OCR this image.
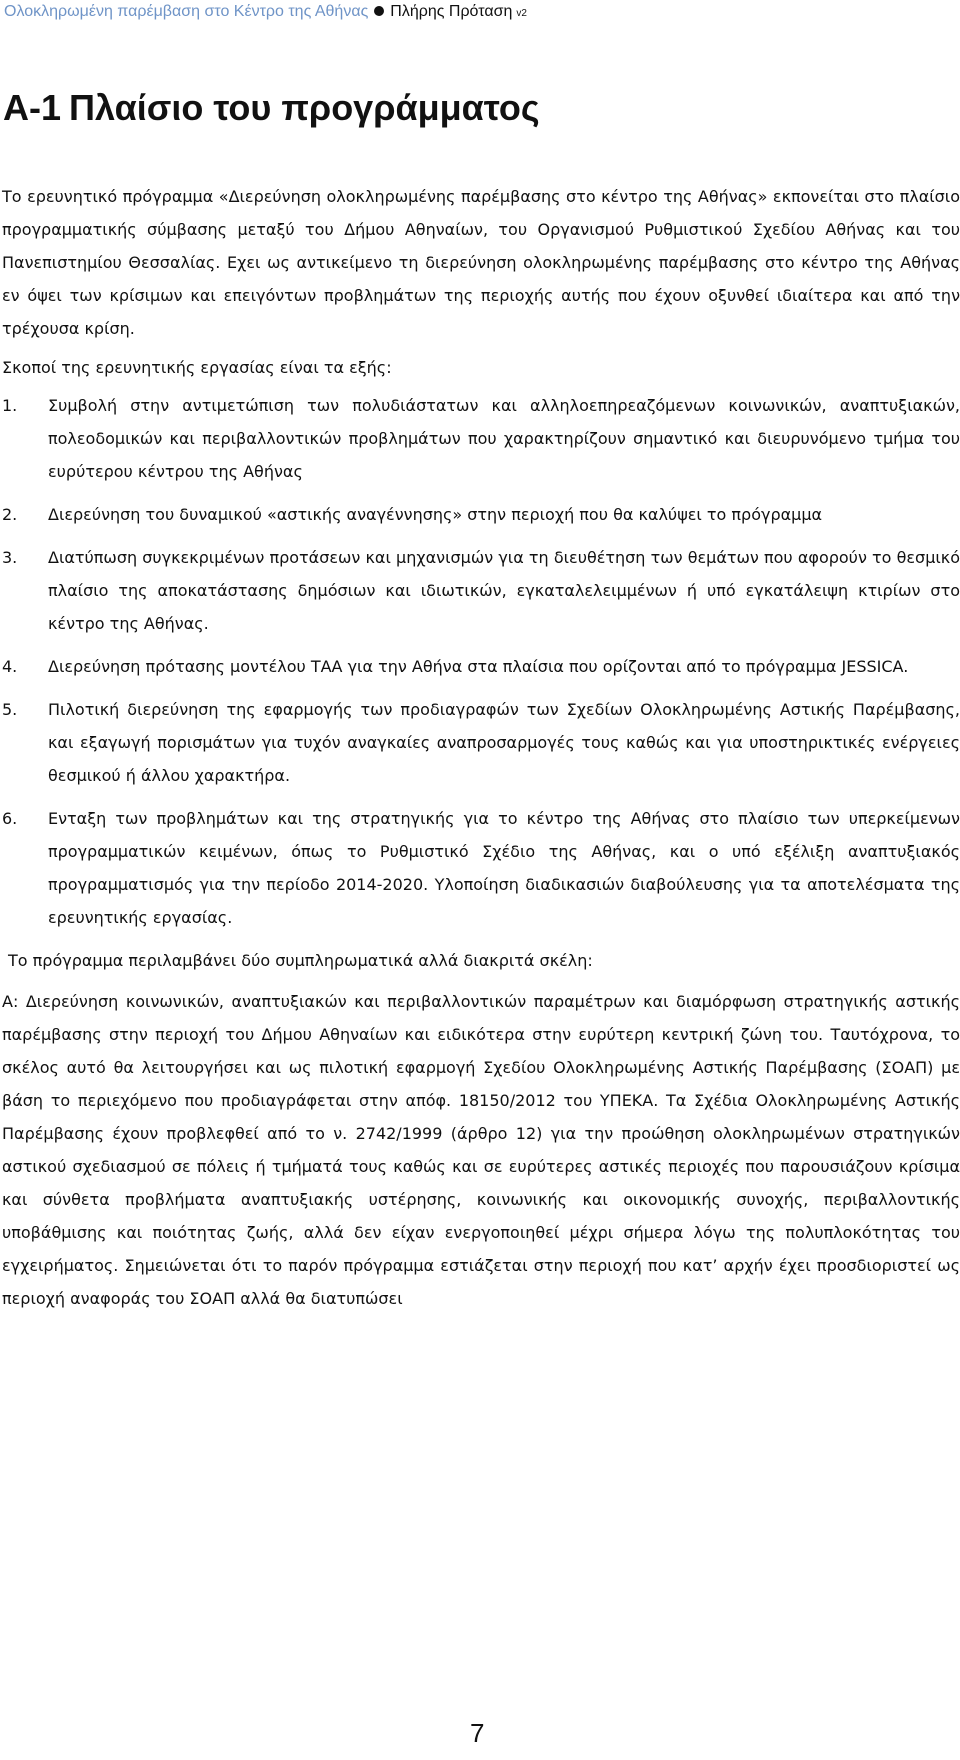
Ολοκληρωμένη παρέμβαση στο Κέντρο της Αθήνας Πλήρης Πρόταση v2
A-1 Πλαίσιο του προγράμματος

Το ερευνητικό πρόγραμμα «Διερεύνηση ολοκληρωμένης παρέμβασης στο κέντρο της Αθήνας» εκπονείται στο πλαίσιο προγραμματικής σύμβασης μεταξύ του Δήμου Αθηναίων, του Οργανισμού Ρυθμιστικού Σχεδίου Αθήνας και του Πανεπιστημίου Θεσσαλίας. Εχει ως αντικείμενο τη διερεύνηση ολοκληρωμένης παρέμβασης στο κέντρο της Αθήνας εν όψει των κρίσιμων και επειγόντων προβλημάτων της περιοχής αυτής που έχουν οξυνθεί ιδιαίτερα και από την τρέχουσα κρίση.

Σκοποί της ερευνητικής εργασίας είναι τα εξής:

1. Συμβολή στην αντιμετώπιση των πολυδιάστατων και αλληλοεπηρεαζόμενων κοινωνικών, αναπτυξιακών, πολεοδομικών και περιβαλλοντικών προβλημάτων που χαρακτηρίζουν σημαντικό και διευρυνόμενο τμήμα του ευρύτερου κέντρου της Αθήνας
2. Διερεύνηση του δυναμικού «αστικής αναγέννησης» στην περιοχή που θα καλύψει το πρόγραμμα
3. Διατύπωση συγκεκριμένων προτάσεων και μηχανισμών για τη διευθέτηση των θεμάτων που αφορούν το θεσμικό πλαίσιο της αποκατάστασης δημόσιων και ιδιωτικών, εγκαταλελειμμένων ή υπό εγκατάλειψη κτιρίων στο κέντρο της Αθήνας.
4. Διερεύνηση πρότασης μοντέλου ΤΑΑ για την Αθήνα στα πλαίσια που ορίζονται από το πρόγραμμα JESSICA.
5. Πιλοτική διερεύνηση της εφαρμογής των προδιαγραφών των Σχεδίων Ολοκληρωμένης Αστικής Παρέμβασης, και εξαγωγή πορισμάτων για τυχόν αναγκαίες αναπροσαρμογές τους καθώς και για υποστηρικτικές ενέργειες θεσμικού ή άλλου χαρακτήρα.
6. Ενταξη των προβλημάτων και της στρατηγικής για το κέντρο της Αθήνας στο πλαίσιο των υπερκείμενων προγραμματικών κειμένων, όπως το Ρυθμιστικό Σχέδιο της Αθήνας, και ο υπό εξέλιξη αναπτυξιακός προγραμματισμός για την περίοδο 2014-2020. Υλοποίηση διαδικασιών διαβούλευσης για τα αποτελέσματα της ερευνητικής εργασίας.

Το πρόγραμμα περιλαμβάνει δύο συμπληρωματικά αλλά διακριτά σκέλη:

Α: Διερεύνηση κοινωνικών, αναπτυξιακών και περιβαλλοντικών παραμέτρων και διαμόρφωση στρατηγικής αστικής παρέμβασης στην περιοχή του Δήμου Αθηναίων και ειδικότερα στην ευρύτερη κεντρική ζώνη του. Ταυτόχρονα, το σκέλος αυτό θα λειτουργήσει και ως πιλοτική εφαρμογή Σχεδίου Ολοκληρωμένης Αστικής Παρέμβασης (ΣΟΑΠ) με βάση το περιεχόμενο που προδιαγράφεται στην απόφ. 18150/2012 του ΥΠΕΚΑ. Τα Σχέδια Ολοκληρωμένης Αστικής Παρέμβασης έχουν προβλεφθεί από το ν. 2742/1999 (άρθρο 12) για την προώθηση ολοκληρωμένων στρατηγικών αστικού σχεδιασμού σε πόλεις ή τμήματά τους καθώς και σε ευρύτερες αστικές περιοχές που παρουσιάζουν κρίσιμα και σύνθετα προβλήματα αναπτυξιακής υστέρησης, κοινωνικής και οικονομικής συνοχής, περιβαλλοντικής υποβάθμισης και ποιότητας ζωής, αλλά δεν είχαν ενεργοποιηθεί μέχρι σήμερα λόγω της πολυπλοκότητας του εγχειρήματος. Σημειώνεται ότι το παρόν πρόγραμμα εστιάζεται στην περιοχή που κατ’ αρχήν έχει προσδιοριστεί ως περιοχή αναφοράς του ΣΟΑΠ αλλά θα διατυπώσει

7
